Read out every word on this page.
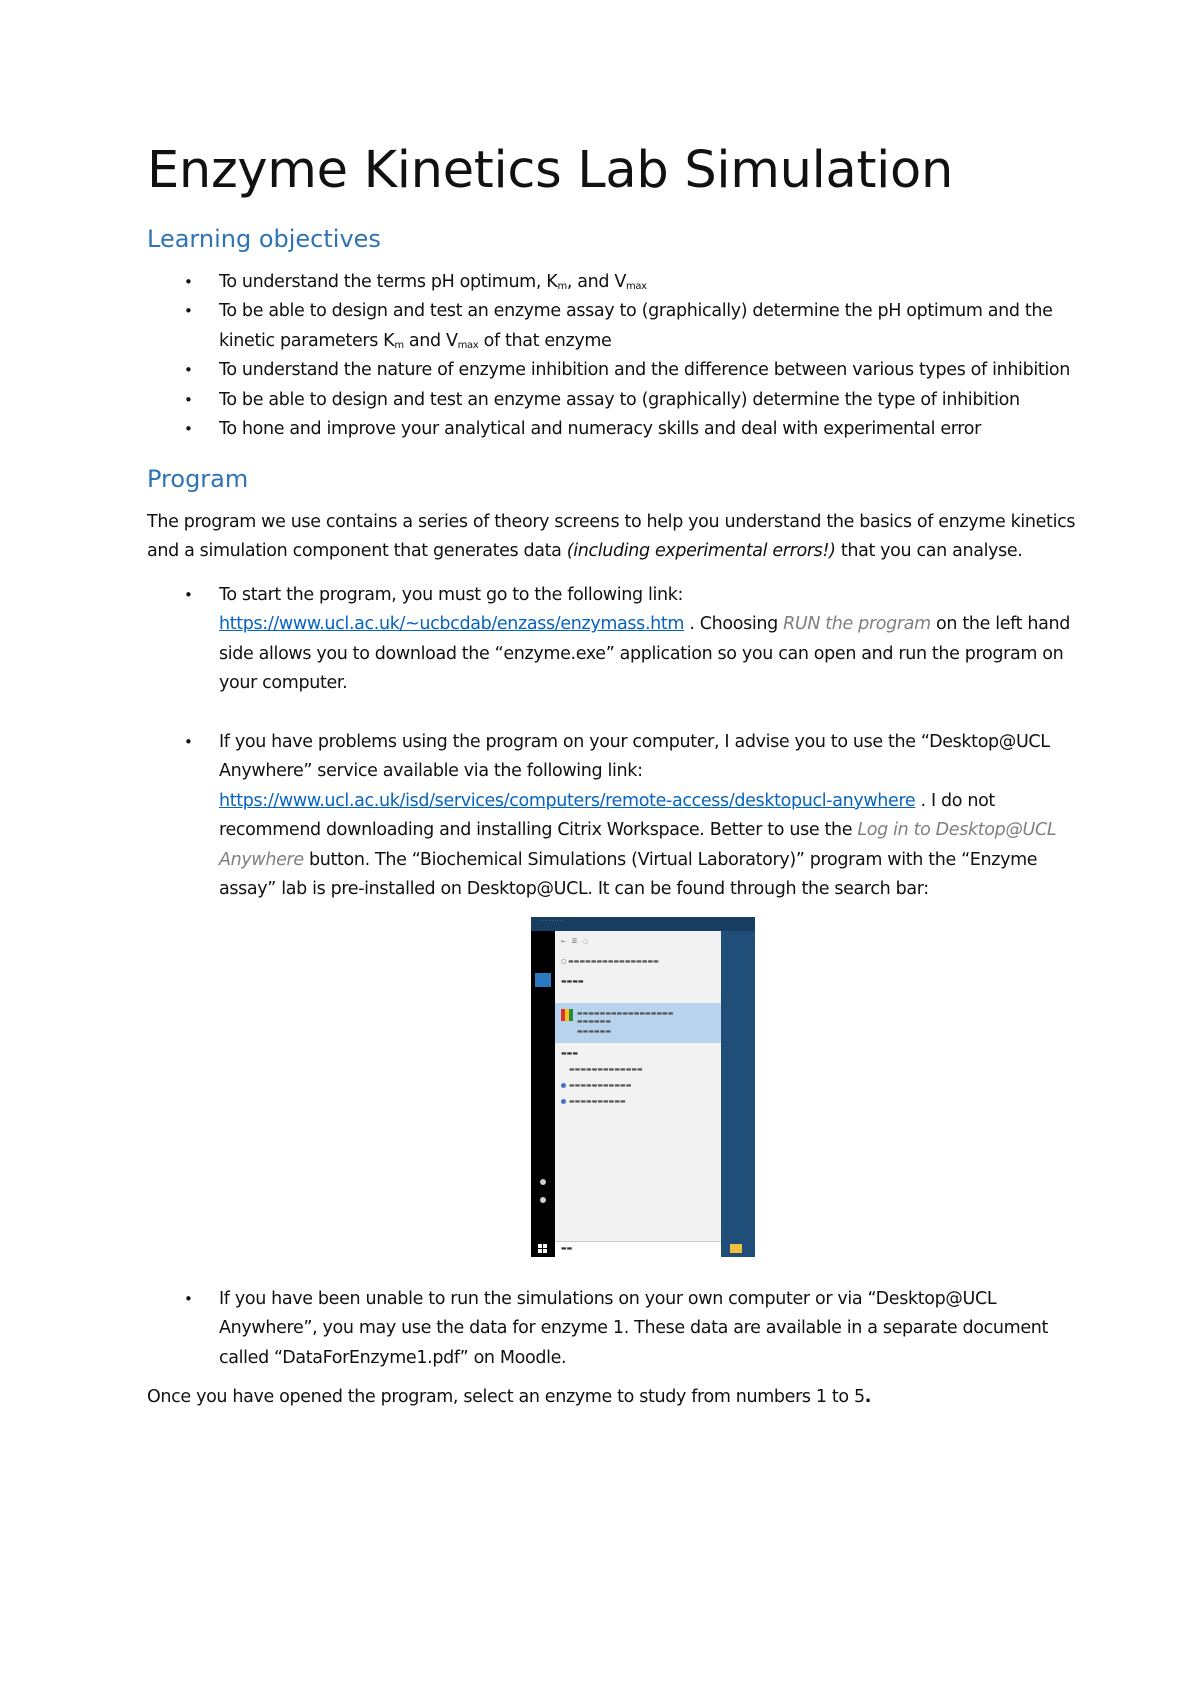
Enzyme Kinetics Lab Simulation
Learning objectives
• To understand the terms pH optimum, $K_m$, and $V_{max}$
• To be able to design and test an enzyme assay to (graphically) determine the pH optimum and the kinetic parameters $K_m$ and $V_{max}$ of that enzyme
• To understand the nature of enzyme inhibition and the difference between various types of inhibition
• To be able to design and test an enzyme assay to (graphically) determine the type of inhibition
• To hone and improve your analytical and numeracy skills and deal with experimental error
Program

The program we use contains a series of theory screens to help you understand the basics of enzyme kinetics and a simulation component that generates data (including experimental errors!) that you can analyse.

• To start the program, you must go to the following link: https://www.ucl.ac.uk/~ucbcdab/enzass/enzymass.htm . Choosing RUN the program on the left hand side allows you to download the “enzyme.exe” application so you can open and run the program on your computer.
• If you have problems using the program on your computer, I advise you to use the “Desktop@UCL Anywhere” service available via the following link: https://www.ucl.ac.uk/isd/services/computers/remote-access/desktopucl-anywhere . I do not recommend downloading and installing Citrix Workspace. Better to use the Log in to Desktop@UCL Anywhere button. The “Biochemical Simulations (Virtual Laboratory)” program with the “Enzyme assay” lab is pre-installed on Desktop@UCL. It can be found through the search bar:
· · · · · ·
←   ☰   ◌
○ ▬▬▬▬▬▬▬▬▬▬▬▬▬▬▬▬
▬▬▬▬
▬▬▬▬▬▬▬▬▬▬▬▬▬▬▬▬▬
▬▬▬▬▬▬
▬▬▬▬▬▬
▬▬▬
▬▬▬▬▬▬▬▬▬▬▬▬▬
▬▬▬▬▬▬▬▬▬▬▬
▬▬▬▬▬▬▬▬▬▬
▬▬
• If you have been unable to run the simulations on your own computer or via “Desktop@UCL Anywhere”, you may use the data for enzyme 1. These data are available in a separate document called “DataForEnzyme1.pdf” on Moodle.

Once you have opened the program, select an enzyme to study from numbers 1 to 5.
